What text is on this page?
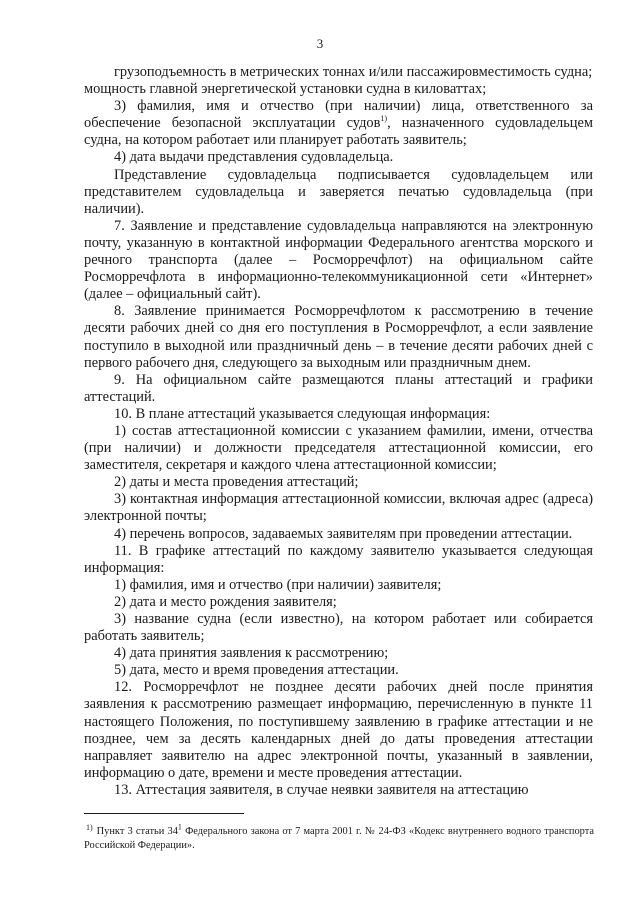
3

грузоподъемность в метрических тоннах и/или пассажировместимость судна;

мощность главной энергетической установки судна в киловаттах;

3) фамилия, имя и отчество (при наличии) лица, ответственного за обеспечение безопасной эксплуатации судов$^{1)}$, назначенного судовладельцем судна, на котором работает или планирует работать заявитель;

4) дата выдачи представления судовладельца.

Представление судовладельца подписывается судовладельцем или представителем судовладельца и заверяется печатью судовладельца (при наличии).

7. Заявление и представление судовладельца направляются на электронную почту, указанную в контактной информации Федерального агентства морского и речного транспорта (далее – Росморречфлот) на официальном сайте Росморречфлота в информационно-телекоммуникационной сети «Интернет» (далее – официальный сайт).

8. Заявление принимается Росморречфлотом к рассмотрению в течение десяти рабочих дней со дня его поступления в Росморречфлот, а если заявление поступило в выходной или праздничный день – в течение десяти рабочих дней с первого рабочего дня, следующего за выходным или праздничным днем.

9. На официальном сайте размещаются планы аттестаций и графики аттестаций.

10. В плане аттестаций указывается следующая информация:

1) состав аттестационной комиссии с указанием фамилии, имени, отчества (при наличии) и должности председателя аттестационной комиссии, его заместителя, секретаря и каждого члена аттестационной комиссии;

2) даты и места проведения аттестаций;

3) контактная информация аттестационной комиссии, включая адрес (адреса) электронной почты;

4) перечень вопросов, задаваемых заявителям при проведении аттестации.

11. В графике аттестаций по каждому заявителю указывается следующая информация:

1) фамилия, имя и отчество (при наличии) заявителя;

2) дата и место рождения заявителя;

3) название судна (если известно), на котором работает или собирается работать заявитель;

4) дата принятия заявления к рассмотрению;

5) дата, место и время проведения аттестации.

12. Росморречфлот не позднее десяти рабочих дней после принятия заявления к рассмотрению размещает информацию, перечисленную в пункте 11 настоящего Положения, по поступившему заявлению в графике аттестации и не позднее, чем за десять календарных дней до даты проведения аттестации направляет заявителю на адрес электронной почты, указанный в заявлении, информацию о дате, времени и месте проведения аттестации.

13. Аттестация заявителя, в случае неявки заявителя на аттестацию

$^{1)}$ Пункт 3 статьи $34^1$ Федерального закона от 7 марта 2001 г. № 24-ФЗ «Кодекс внутреннего водного транспорта Российской Федерации».
